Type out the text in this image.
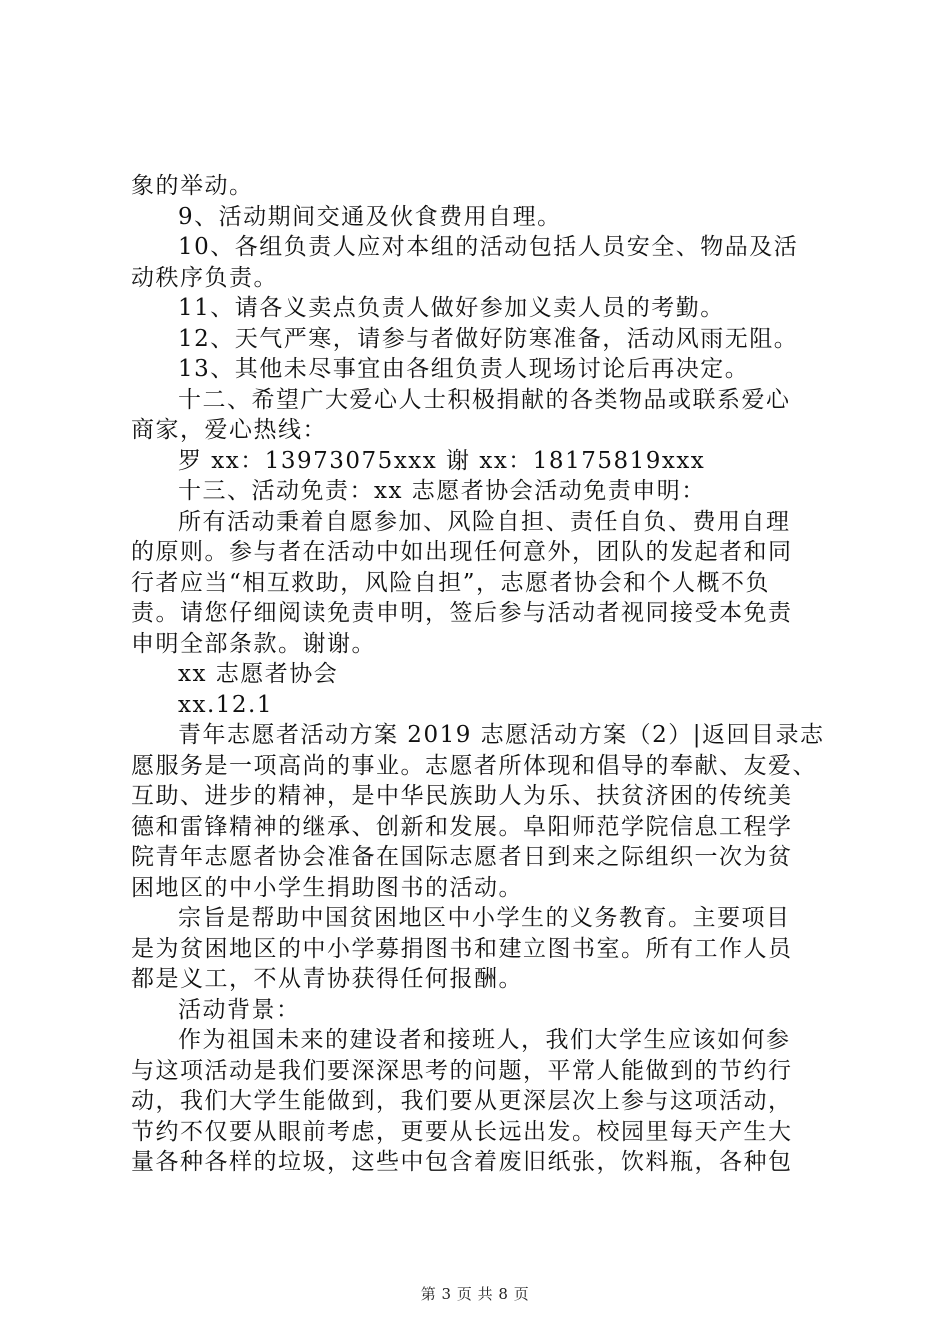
象的举动。
9、活动期间交通及伙食费用自理。
10、各组负责人应对本组的活动包括人员安全、物品及活
动秩序负责。
11、请各义卖点负责人做好参加义卖人员的考勤。
12、天气严寒，请参与者做好防寒准备，活动风雨无阻。
13、其他未尽事宜由各组负责人现场讨论后再决定。
十二、希望广大爱心人士积极捐献的各类物品或联系爱心
商家，爱心热线：
罗 xx：13973075xxx 谢 xx：18175819xxx
十三、活动免责：xx 志愿者协会活动免责申明：
所有活动秉着自愿参加、风险自担、责任自负、费用自理
的原则。参与者在活动中如出现任何意外，团队的发起者和同
行者应当“相互救助，风险自担”，志愿者协会和个人概不负
责。请您仔细阅读免责申明，签后参与活动者视同接受本免责
申明全部条款。谢谢。
xx 志愿者协会
xx.12.1
青年志愿者活动方案 2019 志愿活动方案（2）|返回目录志
愿服务是一项高尚的事业。志愿者所体现和倡导的奉献、友爱、
互助、进步的精神，是中华民族助人为乐、扶贫济困的传统美
德和雷锋精神的继承、创新和发展。阜阳师范学院信息工程学
院青年志愿者协会准备在国际志愿者日到来之际组织一次为贫
困地区的中小学生捐助图书的活动。
宗旨是帮助中国贫困地区中小学生的义务教育。主要项目
是为贫困地区的中小学募捐图书和建立图书室。所有工作人员
都是义工，不从青协获得任何报酬。
活动背景：
作为祖国未来的建设者和接班人，我们大学生应该如何参
与这项活动是我们要深深思考的问题，平常人能做到的节约行
动，我们大学生能做到，我们要从更深层次上参与这项活动，
节约不仅要从眼前考虑，更要从长远出发。校园里每天产生大
量各种各样的垃圾，这些中包含着废旧纸张，饮料瓶，各种包
第 3 页 共 8 页
